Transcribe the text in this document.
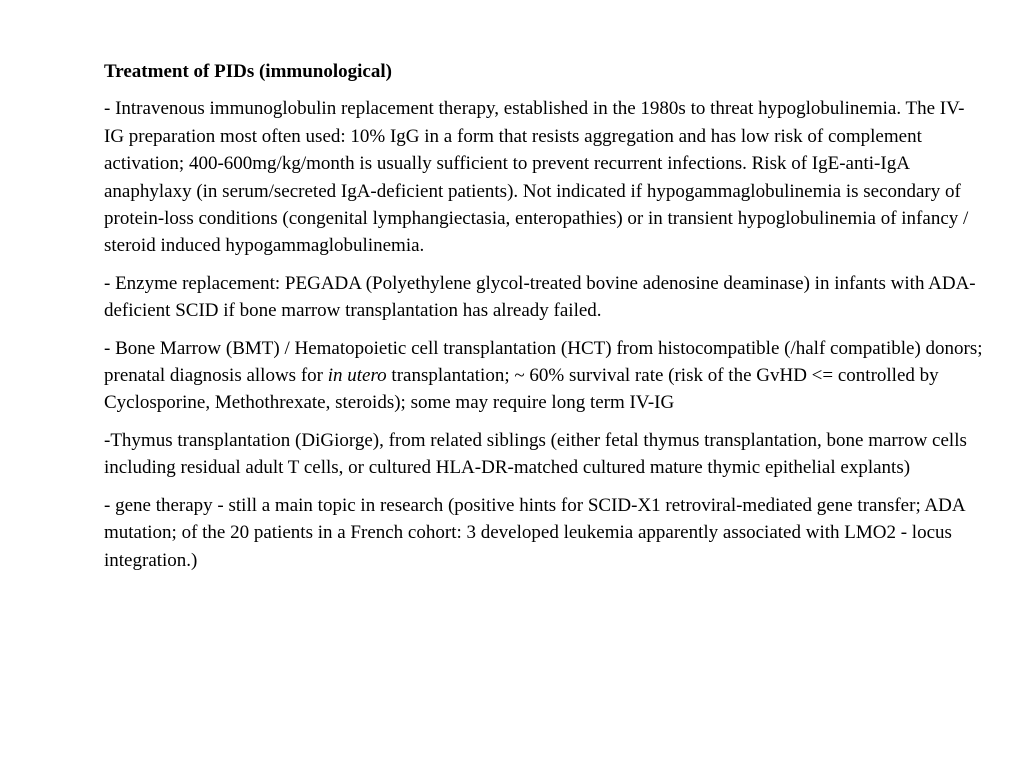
Treatment of PIDs (immunological)

- Intravenous immunoglobulin replacement therapy, established in the 1980s to threat hypoglobulinemia. The IV-IG preparation most often used: 10% IgG in a form that resists aggregation and has low risk of complement activation; 400-600mg/kg/month is usually sufficient to prevent recurrent infections. Risk of IgE-anti-IgA anaphylaxy (in serum/secreted IgA-deficient patients). Not indicated if hypogammaglobulinemia is secondary of protein-loss conditions (congenital lymphangiectasia, enteropathies) or in transient hypoglobulinemia of infancy / steroid induced hypogammaglobulinemia.

- Enzyme replacement: PEGADA (Polyethylene glycol-treated bovine adenosine deaminase) in infants with ADA-deficient SCID if bone marrow transplantation has already failed.

- Bone Marrow (BMT) / Hematopoietic cell transplantation (HCT) from histocompatible (/half compatible) donors; prenatal diagnosis allows for in utero transplantation; ~ 60% survival rate (risk of the GvHD <= controlled by Cyclosporine, Methothrexate, steroids); some may require long term IV-IG

-Thymus transplantation (DiGiorge), from related siblings (either fetal thymus transplantation, bone marrow cells including residual adult T cells, or cultured HLA-DR-matched cultured mature thymic epithelial explants)

- gene therapy - still a main topic in research (positive hints for SCID-X1 retroviral-mediated gene transfer; ADA mutation; of the 20 patients in a French cohort: 3 developed leukemia apparently associated with LMO2 - locus integration.)
